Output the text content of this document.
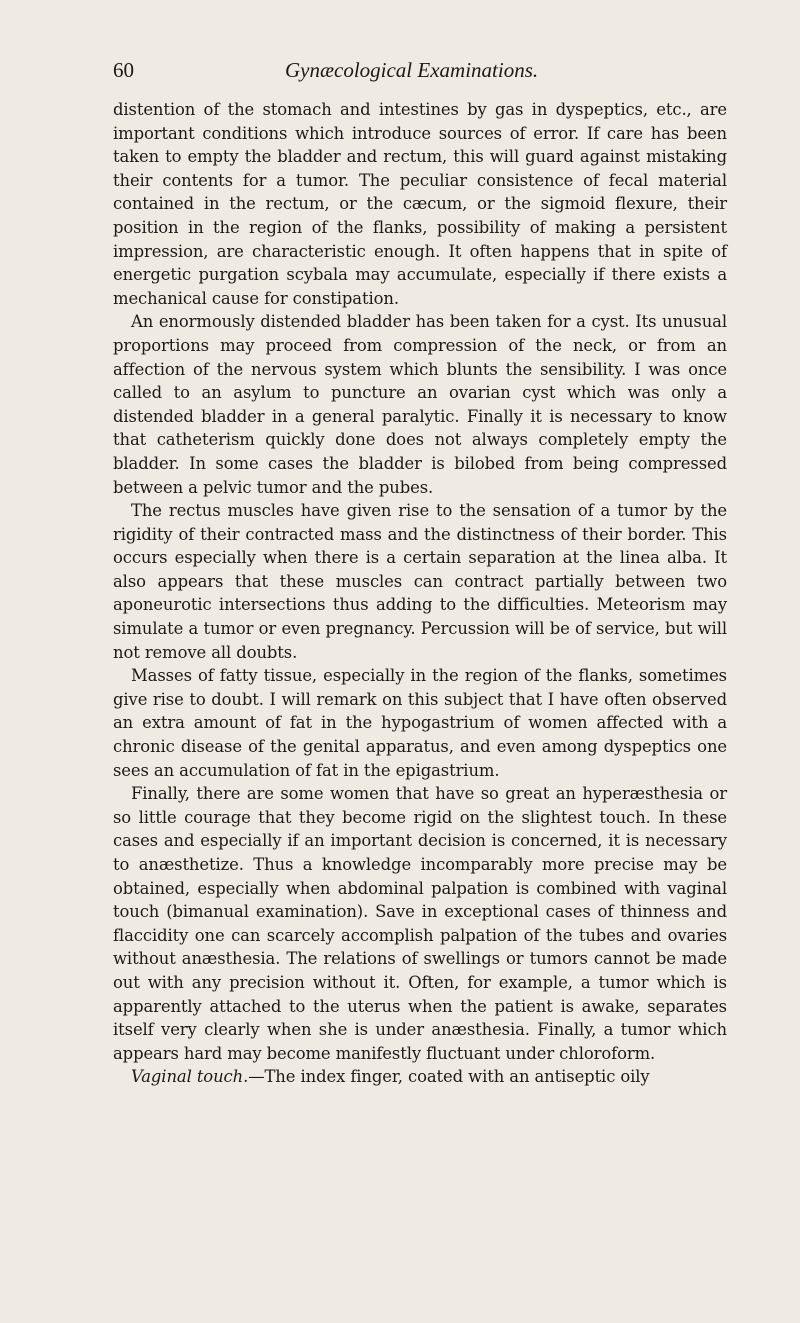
60	Gynæcological Examinations.

distention of the stomach and intestines by gas in dyspeptics, etc., are important conditions which introduce sources of error. If care has been taken to empty the bladder and rectum, this will guard against mistaking their contents for a tumor. The peculiar consistence of fecal material contained in the rectum, or the cæcum, or the sigmoid flexure, their position in the region of the flanks, possibility of making a persistent impression, are characteristic enough. It often happens that in spite of energetic purgation scybala may accumulate, especially if there exists a mechanical cause for constipation.

An enormously distended bladder has been taken for a cyst. Its unusual proportions may proceed from compression of the neck, or from an affection of the nervous system which blunts the sensibility. I was once called to an asylum to puncture an ovarian cyst which was only a distended bladder in a general paralytic. Finally it is necessary to know that catheterism quickly done does not always completely empty the bladder. In some cases the bladder is bilobed from being compressed between a pelvic tumor and the pubes.

The rectus muscles have given rise to the sensation of a tumor by the rigidity of their contracted mass and the distinctness of their border. This occurs especially when there is a certain separation at the linea alba. It also appears that these muscles can contract partially between two aponeurotic intersections thus adding to the difficulties. Meteorism may simulate a tumor or even pregnancy. Percussion will be of service, but will not remove all doubts.

Masses of fatty tissue, especially in the region of the flanks, sometimes give rise to doubt. I will remark on this subject that I have often observed an extra amount of fat in the hypogastrium of women affected with a chronic disease of the genital apparatus, and even among dyspeptics one sees an accumulation of fat in the epigastrium.

Finally, there are some women that have so great an hyperæsthesia or so little courage that they become rigid on the slightest touch. In these cases and especially if an important decision is concerned, it is necessary to anæsthetize. Thus a knowledge incomparably more precise may be obtained, especially when abdominal palpation is combined with vaginal touch (bimanual examination). Save in exceptional cases of thinness and flaccidity one can scarcely accomplish palpation of the tubes and ovaries without anæsthesia. The relations of swellings or tumors cannot be made out with any precision without it. Often, for example, a tumor which is apparently attached to the uterus when the patient is awake, separates itself very clearly when she is under anæsthesia. Finally, a tumor which appears hard may become manifestly fluctuant under chloroform.

Vaginal touch.—The index finger, coated with an antiseptic oily
